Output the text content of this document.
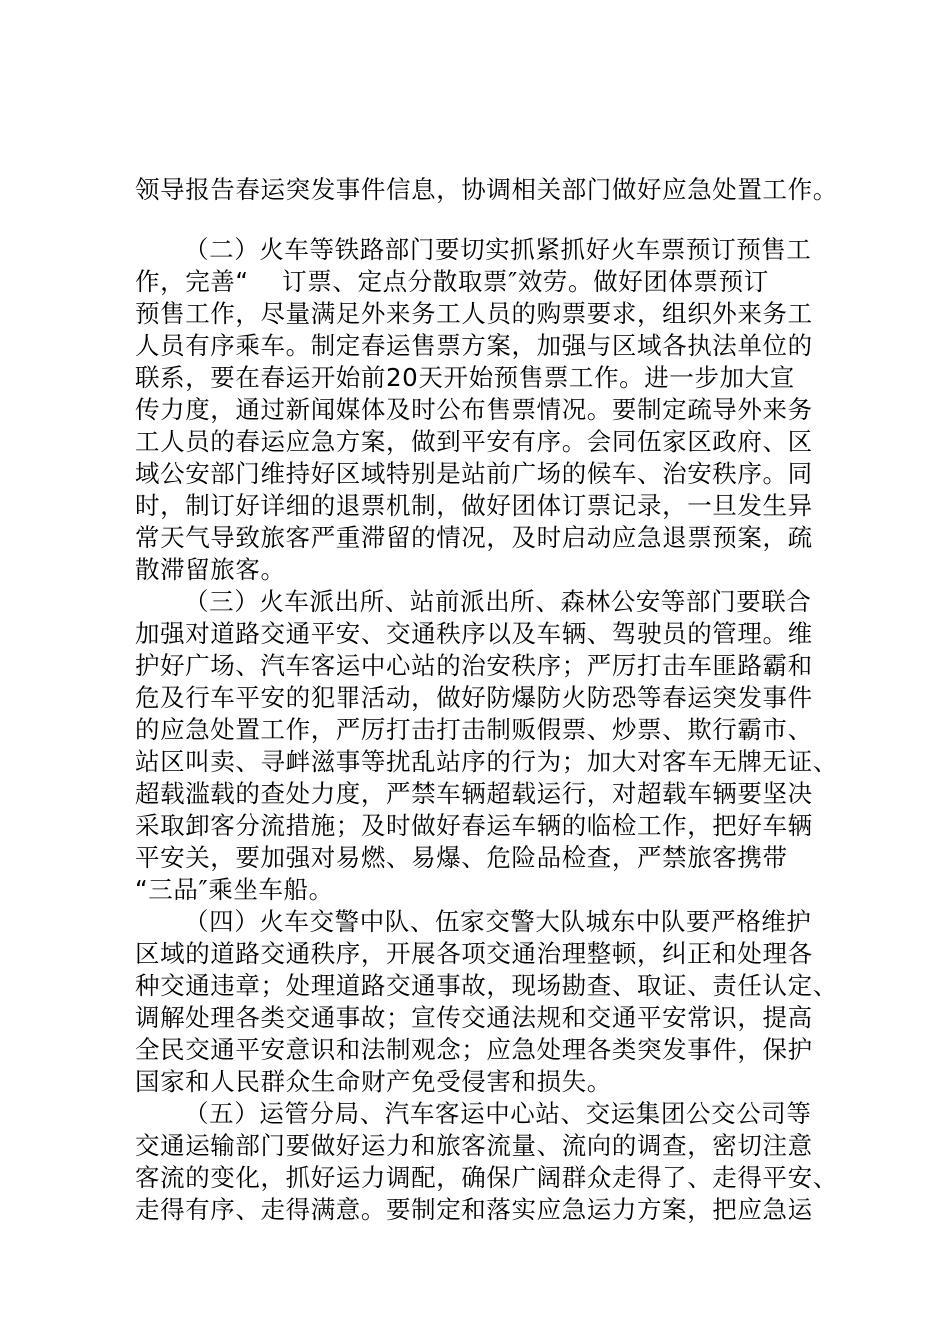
领导报告春运突发事件信息，协调相关部门做好应急处置工作。
（二）火车等铁路部门要切实抓紧抓好火车票预订预售工
作，完善“　 订票、定点分散取票″效劳。做好团体票预订
预售工作，尽量满足外来务工人员的购票要求，组织外来务工
人员有序乘车。制定春运售票方案，加强与区域各执法单位的
联系，要在春运开始前20天开始预售票工作。进一步加大宣
传力度，通过新闻媒体及时公布售票情况。要制定疏导外来务
工人员的春运应急方案，做到平安有序。会同伍家区政府、区
域公安部门维持好区域特别是站前广场的候车、治安秩序。同
时，制订好详细的退票机制，做好团体订票记录，一旦发生异
常天气导致旅客严重滞留的情况，及时启动应急退票预案，疏
散滞留旅客。
（三）火车派出所、站前派出所、森林公安等部门要联合
加强对道路交通平安、交通秩序以及车辆、驾驶员的管理。维
护好广场、汽车客运中心站的治安秩序；严厉打击车匪路霸和
危及行车平安的犯罪活动，做好防爆防火防恐等春运突发事件
的应急处置工作，严厉打击打击制贩假票、炒票、欺行霸市、
站区叫卖、寻衅滋事等扰乱站序的行为；加大对客车无牌无证、
超载滥载的查处力度，严禁车辆超载运行，对超载车辆要坚决
采取卸客分流措施；及时做好春运车辆的临检工作，把好车辆
平安关，要加强对易燃、易爆、危险品检查，严禁旅客携带
“三品″乘坐车船。
（四）火车交警中队、伍家交警大队城东中队要严格维护
区域的道路交通秩序，开展各项交通治理整顿，纠正和处理各
种交通违章；处理道路交通事故，现场勘查、取证、责任认定、
调解处理各类交通事故；宣传交通法规和交通平安常识，提高
全民交通平安意识和法制观念；应急处理各类突发事件，保护
国家和人民群众生命财产免受侵害和损失。
（五）运管分局、汽车客运中心站、交运集团公交公司等
交通运输部门要做好运力和旅客流量、流向的调查，密切注意
客流的变化，抓好运力调配，确保广阔群众走得了、走得平安、
走得有序、走得满意。要制定和落实应急运力方案，把应急运
